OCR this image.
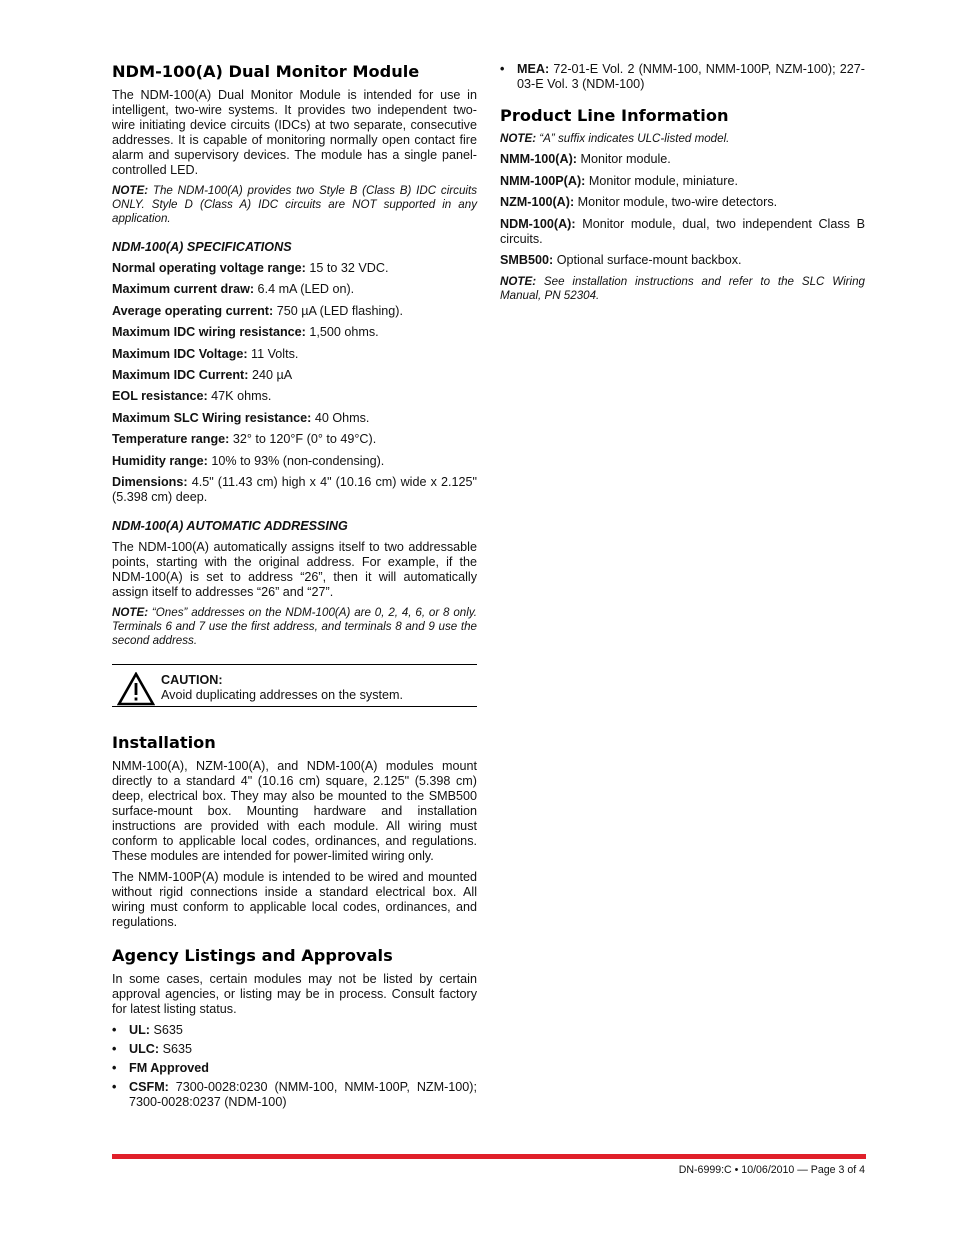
NDM-100(A) Dual Monitor Module

The NDM-100(A) Dual Monitor Module is intended for use in intelligent, two-wire systems. It provides two independent two-wire initiating device circuits (IDCs) at two separate, consecutive addresses. It is capable of monitoring normally open contact fire alarm and supervisory devices. The module has a single panel-controlled LED.

NOTE: The NDM-100(A) provides two Style B (Class B) IDC circuits ONLY. Style D (Class A) IDC circuits are NOT supported in any application.

NDM-100(A) SPECIFICATIONS

Normal operating voltage range: 15 to 32 VDC.

Maximum current draw: 6.4 mA (LED on).

Average operating current: 750 µA (LED flashing).

Maximum IDC wiring resistance: 1,500 ohms.

Maximum IDC Voltage: 11 Volts.

Maximum IDC Current: 240 µA

EOL resistance: 47K ohms.

Maximum SLC Wiring resistance: 40 Ohms.

Temperature range: 32° to 120°F (0° to 49°C).

Humidity range: 10% to 93% (non-condensing).

Dimensions: 4.5" (11.43 cm) high x 4" (10.16 cm) wide x 2.125" (5.398 cm) deep.

NDM-100(A) AUTOMATIC ADDRESSING

The NDM-100(A) automatically assigns itself to two addressable points, starting with the original address. For example, if the NDM-100(A) is set to address “26”, then it will automatically assign itself to addresses “26” and “27”.

NOTE: “Ones” addresses on the NDM-100(A) are 0, 2, 4, 6, or 8 only. Terminals 6 and 7 use the first address, and terminals 8 and 9 use the second address.

CAUTION:
Avoid duplicating addresses on the system.
Installation

NMM-100(A), NZM-100(A), and NDM-100(A) modules mount directly to a standard 4" (10.16 cm) square, 2.125" (5.398 cm) deep, electrical box. They may also be mounted to the SMB500 surface-mount box. Mounting hardware and installation instructions are provided with each module. All wiring must conform to applicable local codes, ordinances, and regulations. These modules are intended for power-limited wiring only.

The NMM-100P(A) module is intended to be wired and mounted without rigid connections inside a standard electrical box. All wiring must conform to applicable local codes, ordinances, and regulations.

Agency Listings and Approvals

In some cases, certain modules may not be listed by certain approval agencies, or listing may be in process. Consult factory for latest listing status.

• UL: S635
• ULC: S635
• FM Approved
• CSFM: 7300-0028:0230 (NMM-100, NMM-100P, NZM-100); 7300-0028:0237 (NDM-100)
• MEA: 72-01-E Vol. 2 (NMM-100, NMM-100P, NZM-100); 227-03-E Vol. 3 (NDM-100)
Product Line Information

NOTE: “A” suffix indicates ULC-listed model.

NMM-100(A): Monitor module.

NMM-100P(A): Monitor module, miniature.

NZM-100(A): Monitor module, two-wire detectors.

NDM-100(A): Monitor module, dual, two independent Class B circuits.

SMB500: Optional surface-mount backbox.

NOTE: See installation instructions and refer to the SLC Wiring Manual, PN 52304.

DN-6999:C • 10/06/2010 — Page 3 of 4
